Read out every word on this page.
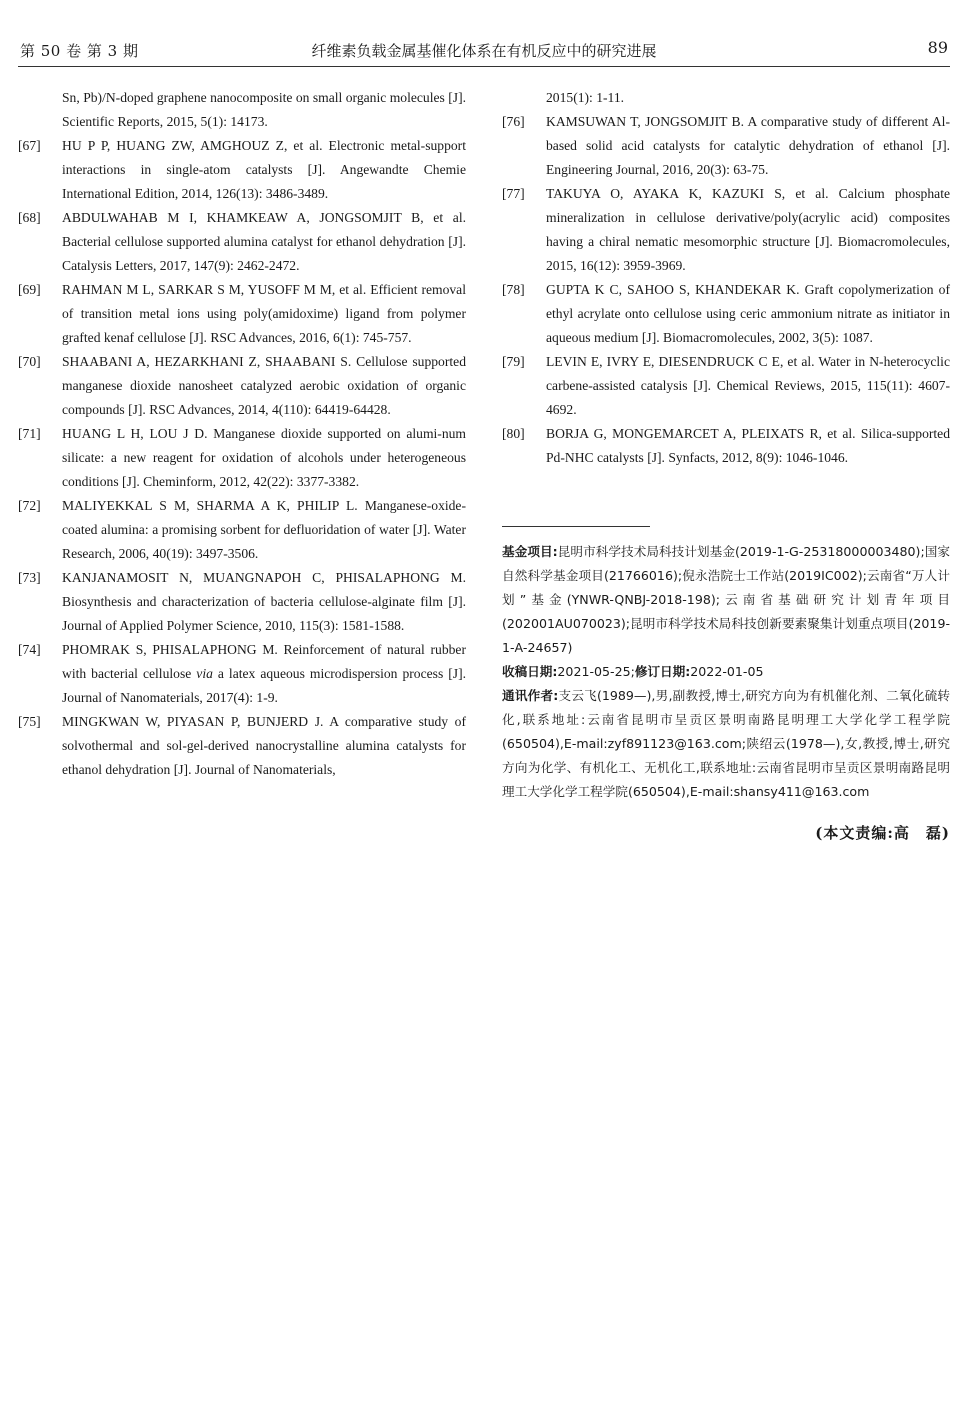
第 50 卷 第 3 期	纤维素负载金属基催化体系在有机反应中的研究进展	89
Sn, Pb)/N-doped graphene nanocomposite on small organic molecules [J]. Scientific Reports, 2015, 5(1): 14173.
[67]	HU P P, HUANG ZW, AMGHOUZ Z, et al. Electronic metal-support interactions in single-atom catalysts [J]. Angewandte Chemie International Edition, 2014, 126(13): 3486-3489.
[68]	ABDULWAHAB M I, KHAMKEAW A, JONGSOMJIT B, et al. Bacterial cellulose supported alumina catalyst for ethanol dehydration [J]. Catalysis Letters, 2017, 147(9): 2462-2472.
[69]	RAHMAN M L, SARKAR S M, YUSOFF M M, et al. Efficient removal of transition metal ions using poly(amidoxime) ligand from polymer grafted kenaf cellulose [J]. RSC Advances, 2016, 6(1): 745-757.
[70]	SHAABANI A, HEZARKHANI Z, SHAABANI S. Cellulose supported manganese dioxide nanosheet catalyzed aerobic oxidation of organic compounds [J]. RSC Advances, 2014, 4(110): 64419-64428.
[71]	HUANG L H, LOU J D. Manganese dioxide supported on alumi-num silicate: a new reagent for oxidation of alcohols under heterogeneous conditions [J]. Cheminform, 2012, 42(22): 3377-3382.
[72]	MALIYEKKAL S M, SHARMA A K, PHILIP L. Manganese-oxide-coated alumina: a promising sorbent for defluoridation of water [J]. Water Research, 2006, 40(19): 3497-3506.
[73]	KANJANAMOSIT N, MUANGNAPOH C, PHISALAPHONG M. Biosynthesis and characterization of bacteria cellulose-alginate film [J]. Journal of Applied Polymer Science, 2010, 115(3): 1581-1588.
[74]	PHOMRAK S, PHISALAPHONG M. Reinforcement of natural rubber with bacterial cellulose via a latex aqueous microdispersion process [J]. Journal of Nanomaterials, 2017(4): 1-9.
[75]	MINGKWAN W, PIYASAN P, BUNJERD J. A comparative study of solvothermal and sol-gel-derived nanocrystalline alumina catalysts for ethanol dehydration [J]. Journal of Nanomaterials,
2015(1): 1-11.
[76]	KAMSUWAN T, JONGSOMJIT B. A comparative study of different Al-based solid acid catalysts for catalytic dehydration of ethanol [J]. Engineering Journal, 2016, 20(3): 63-75.
[77]	TAKUYA O, AYAKA K, KAZUKI S, et al. Calcium phosphate mineralization in cellulose derivative/poly(acrylic acid) composites having a chiral nematic mesomorphic structure [J]. Biomacromolecules, 2015, 16(12): 3959-3969.
[78]	GUPTA K C, SAHOO S, KHANDEKAR K. Graft copolymerization of ethyl acrylate onto cellulose using ceric ammonium nitrate as initiator in aqueous medium [J]. Biomacromolecules, 2002, 3(5): 1087.
[79]	LEVIN E, IVRY E, DIESENDRUCK C E, et al. Water in N-heterocyclic carbene-assisted catalysis [J]. Chemical Reviews, 2015, 115(11): 4607-4692.
[80]	BORJA G, MONGEMARCET A, PLEIXATS R, et al. Silica-supported Pd-NHC catalysts [J]. Synfacts, 2012, 8(9): 1046-1046.

基金项目:昆明市科学技术局科技计划基金(2019-1-G-25318000003480);国家自然科学基金项目(21766016);倪永浩院士工作站(2019IC002);云南省“万人计划”基金(YNWR-QNBJ-2018-198);云南省基础研究计划青年项目(202001AU070023);昆明市科学技术局科技创新要素聚集计划重点项目(2019-1-A-24657)

收稿日期:2021-05-25;修订日期:2022-01-05

通讯作者:支云飞(1989—),男,副教授,博士,研究方向为有机催化剂、二氧化硫转化,联系地址:云南省昆明市呈贡区景明南路昆明理工大学化学工程学院(650504),E-mail:zyf891123@163.com;陕绍云(1978—),女,教授,博士,研究方向为化学、有机化工、无机化工,联系地址:云南省昆明市呈贡区景明南路昆明理工大学化学工程学院(650504),E-mail:shansy411@163.com

(本文责编:高　磊)
